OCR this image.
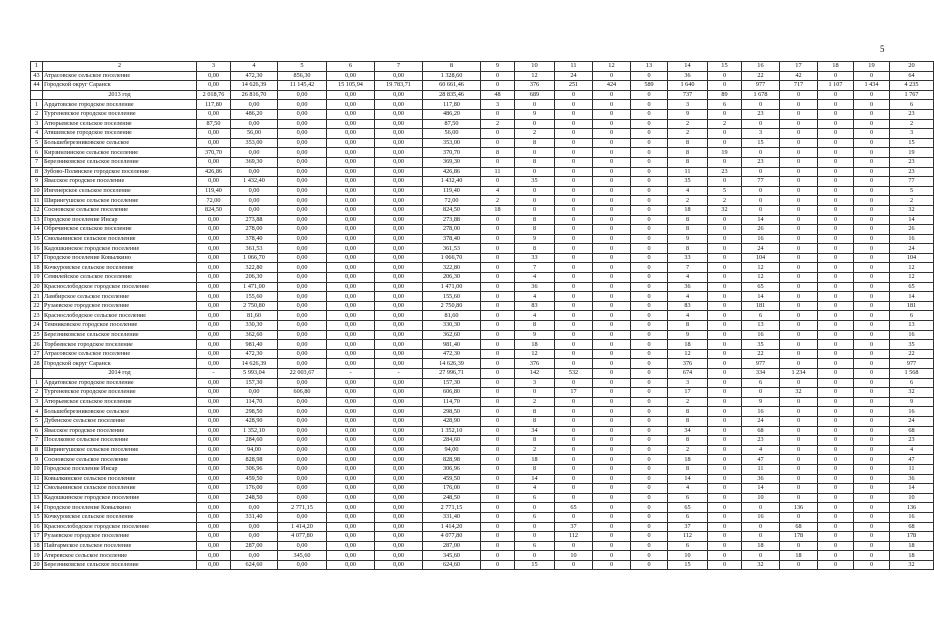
5
1	2	3	4	5	6	7	8	9	10	11	12	13	14	15	16	17	18	19	20
43	Атрасовское сельское поселение	0,00	472,30	856,30	0,00	0,00	1 328,60	0	12	24	0	0	36	0	22	42	0	0	64
44	Городской округ Саранск	0,00	14 626,39	11 145,42	15 105,94	19 783,71	60 661,46	0	376	251	424	589	1 640	0	977	717	1 107	1 434	4 235
	2013 год	2 018,76	26 816,70	0,00	0,00	0,00	28 835,46	48	689	0	0	0	737	89	1 678	0	0	0	1 767
1	Ардатовское городское поселение	117,80	0,00	0,00	0,00	0,00	117,80	3	0	0	0	0	3	6	0	0	0	0	6
2	Тургеневское городское поселение	0,00	486,20	0,00	0,00	0,00	486,20	0	9	0	0	0	9	0	23	0	0	0	23
3	Атюрьевское сельское поселение	87,50	0,00	0,00	0,00	0,00	87,50	2	0	0	0	0	2	2	0	0	0	0	2
4	Атяшевское городское поселение	0,00	56,00	0,00	0,00	0,00	56,00	0	2	0	0	0	2	0	3	0	0	0	3
5	Большеберезниковское сельское	0,00	353,00	0,00	0,00	0,00	353,00	0	8	0	0	0	8	0	15	0	0	0	15
6	Кирзинлинское сельское поселение	370,70	0,00	0,00	0,00	0,00	370,70	8	0	0	0	0	8	19	0	0	0	0	19
7	Березниковское сельское поселение	0,00	369,30	0,00	0,00	0,00	369,30	0	8	0	0	0	8	0	23	0	0	0	23
8	Зубово-Полянское городское поселение	426,86	0,00	0,00	0,00	0,00	426,86	11	0	0	0	0	11	23	0	0	0	0	23
9	Явасское городское поселение	0,00	1 432,40	0,00	0,00	0,00	1 432,40	0	35	0	0	0	35	0	77	0	0	0	77
10	Ингенерское сельское поселение	119,40	0,00	0,00	0,00	0,00	119,40	4	0	0	0	0	4	5	0	0	0	0	5
11	Ширингушское сельское поселение	72,00	0,00	0,00	0,00	0,00	72,00	2	0	0	0	0	2	2	0	0	0	0	2
12	Сосновское сельское поселение	824,50	0,00	0,00	0,00	0,00	824,50	18	0	0	0	0	18	32	0	0	0	0	32
13	Городское поселение Инсар	0,00	273,88	0,00	0,00	0,00	273,88	0	8	0	0	0	8	0	14	0	0	0	14
14	Обречинское сельское поселение	0,00	278,00	0,00	0,00	0,00	278,00	0	8	0	0	0	8	0	26	0	0	0	26
15	Смольнинское сельское поселение	0,00	378,40	0,00	0,00	0,00	378,40	0	9	0	0	0	9	0	16	0	0	0	16
16	Кадошкинское городское поселение	0,00	361,53	0,00	0,00	0,00	361,53	0	8	0	0	0	8	0	24	0	0	0	24
17	Городское поселение Ковылкино	0,00	1 066,70	0,00	0,00	0,00	1 066,70	0	33	0	0	0	33	0	104	0	0	0	104
18	Кочкуровское сельское поселение	0,00	322,80	0,00	0,00	0,00	322,80	0	7	0	0	0	7	0	12	0	0	0	12
19	Семилейское сельское поселение	0,00	206,30	0,00	0,00	0,00	206,30	0	4	0	0	0	4	0	12	0	0	0	12
20	Краснослободское городское поселение	0,00	1 471,00	0,00	0,00	0,00	1 471,00	0	36	0	0	0	36	0	65	0	0	0	65
21	Ламбирское сельское поселение	0,00	155,60	0,00	0,00	0,00	155,60	0	4	0	0	0	4	0	14	0	0	0	14
22	Рузаевское городское поселение	0,00	2 750,80	0,00	0,00	0,00	2 750,80	0	83	0	0	0	83	0	181	0	0	0	181
23	Краснослободское сельское поселение	0,00	81,60	0,00	0,00	0,00	81,60	0	4	0	0	0	4	0	6	0	0	0	6
24	Темниковское городское поселение	0,00	330,30	0,00	0,00	0,00	330,30	0	8	0	0	0	8	0	13	0	0	0	13
25	Березниковское сельское поселение	0,00	362,60	0,00	0,00	0,00	362,60	0	9	0	0	0	9	0	16	0	0	0	16
26	Торбеевское городское поселение	0,00	981,40	0,00	0,00	0,00	981,40	0	18	0	0	0	18	0	35	0	0	0	35
27	Атрасовское сельское поселение	0,00	472,30	0,00	0,00	0,00	472,30	0	12	0	0	0	12	0	22	0	0	0	22
28	Городской округ Саранск	0,00	14 626,39	0,00	0,00	0,00	14 626,39	0	376	0	0	0	376	0	977	0	0	0	977
	2014 год	-	5 993,04	22 003,67	-	-	27 996,71	0	142	532	0	0	674	0	334	1 234	0	0	1 568
1	Ардатовское городское поселение	0,00	157,30	0,00	0,00	0,00	157,30	0	3	0	0	0	3	0	6	0	0	0	6
2	Тургеневское городское поселение	0,00	0,00	606,80	0,00	0,00	606,80	0	0	17	0	0	17	0	0	32	0	0	32
3	Атюрьевское сельское поселение	0,00	114,70	0,00	0,00	0,00	114,70	0	2	0	0	0	2	0	9	0	0	0	9
4	Большеберезниковское сельское	0,00	298,50	0,00	0,00	0,00	298,50	0	8	0	0	0	8	0	16	0	0	0	16
5	Дубенское сельское поселение	0,00	428,90	0,00	0,00	0,00	428,90	0	8	0	0	0	8	0	24	0	0	0	24
6	Явасское городское поселение	0,00	1 352,10	0,00	0,00	0,00	1 352,10	0	34	0	0	0	34	0	68	0	0	0	68
7	Поселковое сельское поселение	0,00	284,60	0,00	0,00	0,00	284,60	0	8	0	0	0	8	0	23	0	0	0	23
8	Ширингушское сельское поселение	0,00	94,00	0,00	0,00	0,00	94,00	0	2	0	0	0	2	0	4	0	0	0	4
9	Сосновское сельское поселение	0,00	828,98	0,00	0,00	0,00	828,98	0	18	0	0	0	18	0	47	0	0	0	47
10	Городское поселение Инсар	0,00	306,96	0,00	0,00	0,00	306,96	0	8	0	0	0	8	0	11	0	0	0	11
11	Ковылкинское сельское поселение	0,00	459,50	0,00	0,00	0,00	459,50	0	14	0	0	0	14	0	36	0	0	0	36
12	Смольнинское сельское поселение	0,00	176,00	0,00	0,00	0,00	176,00	0	4	0	0	0	4	0	14	0	0	0	14
13	Кадошкинское городское поселение	0,00	248,50	0,00	0,00	0,00	248,50	0	6	0	0	0	6	0	10	0	0	0	10
14	Городское поселение Ковылкино	0,00	0,00	2 771,15	0,00	0,00	2 771,15	0	0	65	0	0	65	0	0	136	0	0	136
15	Кочкуровское сельское поселение	0,00	331,40	0,00	0,00	0,00	331,40	0	6	0	0	0	6	0	16	0	0	0	16
16	Краснослободское городское поселение	0,00	0,00	1 414,20	0,00	0,00	1 414,20	0	0	37	0	0	37	0	0	68	0	0	68
17	Рузаевское городское поселение	0,00	0,00	4 077,80	0,00	0,00	4 077,80	0	0	112	0	0	112	0	0	178	0	0	178
18	Пайгармское сельское поселение	0,00	287,00	0,00	0,00	0,00	287,00	0	6	0	0	0	6	0	18	0	0	0	18
19	Атяревское сельское поселение	0,00	0,00	345,60	0,00	0,00	345,60	0	0	10	0	0	10	0	0	18	0	0	18
20	Березниковское сельское поселение	0,00	624,60	0,00	0,00	0,00	624,60	0	15	0	0	0	15	0	32	0	0	0	32
